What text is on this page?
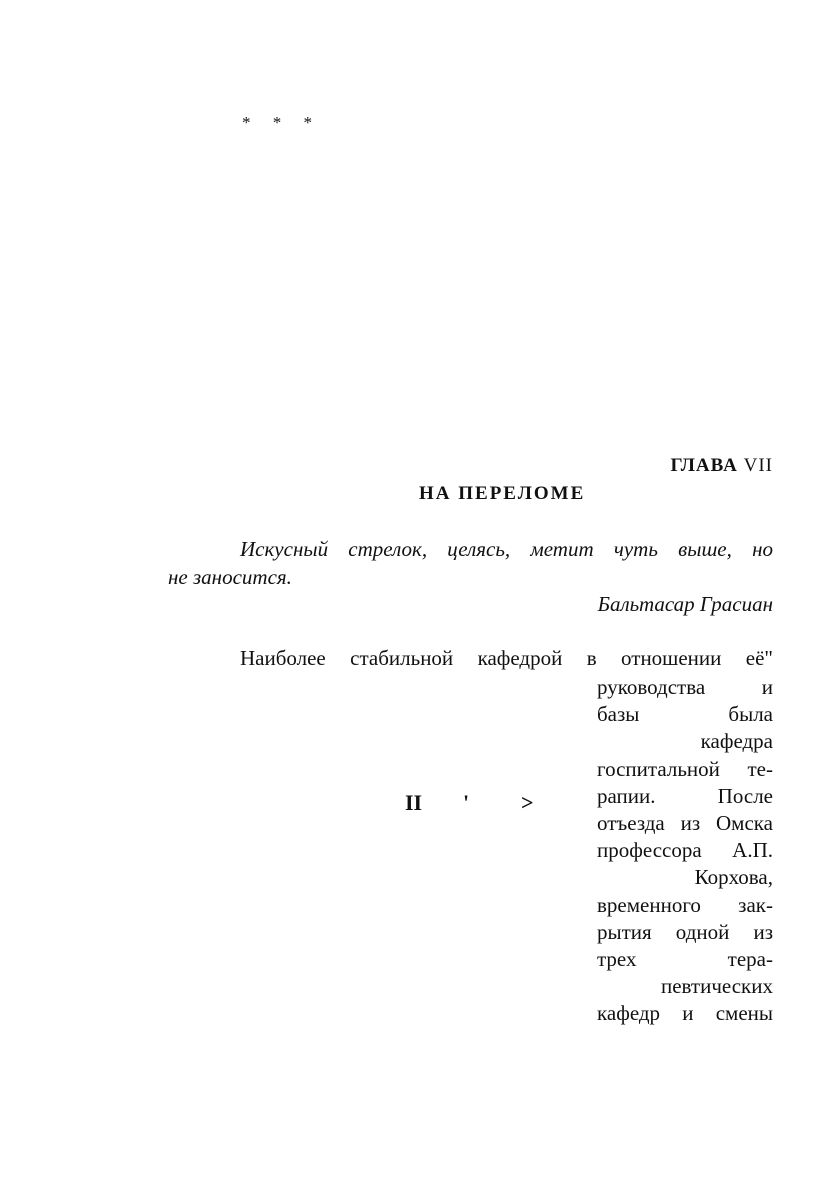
* * *
ГЛАВА VII
НА ПЕРЕЛОМЕ
Искусный стрелок, целясь, метит чуть выше, но
не заносится.
Бальтасар Грасиан
Наиболее стабильной кафедрой в отношении её"
руководства и
базы была
кафедра
госпитальной те-
рапии. После
отъезда из Омска
профессора А.П.
Корхова,
временного зак-
рытия одной из
трех тера-
певтических
кафедр и смены
II ' >
